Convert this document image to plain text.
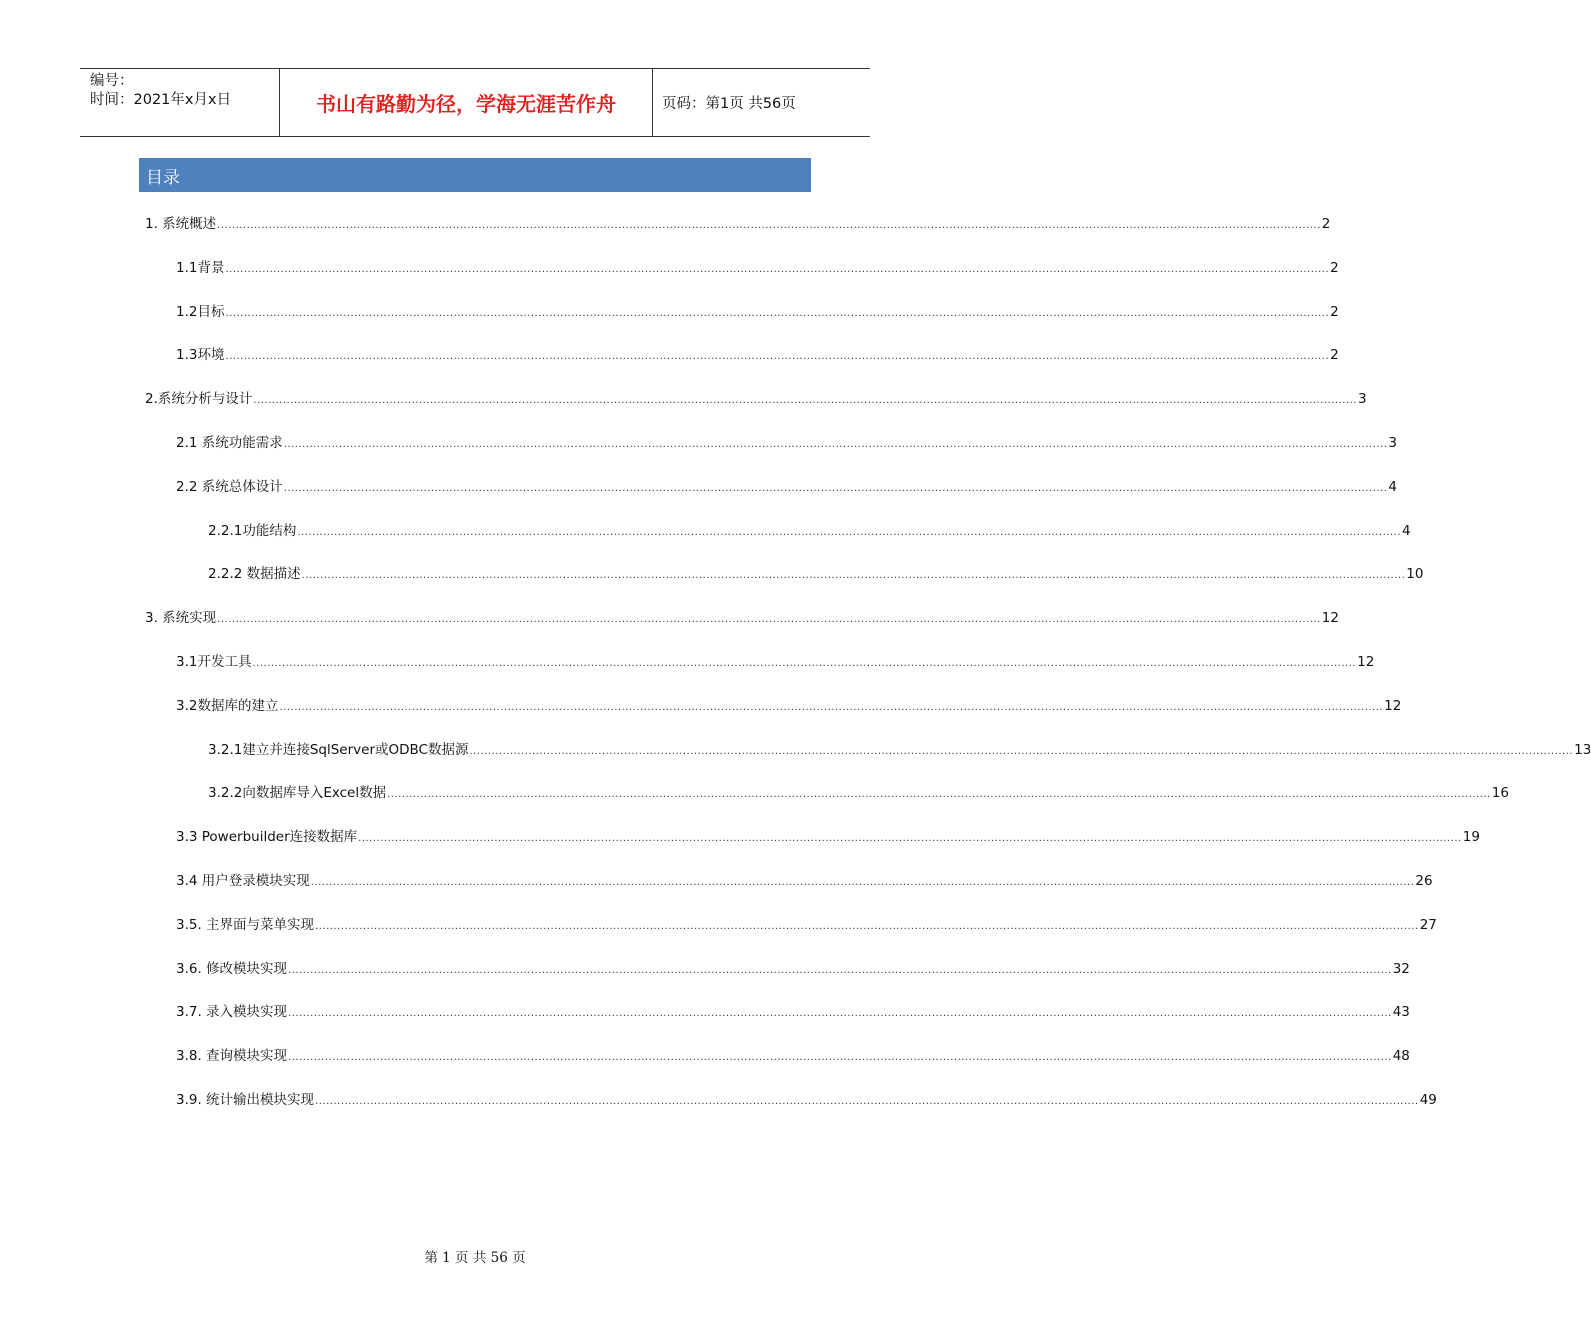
编号：
时间：2021年x月x日	书山有路勤为径，学海无涯苦作舟	页码：第1页 共56页
目录
1. 系统概述 ............................................................................................................................................................................................................................................................................................................ 2
1.1背景 ............................................................................................................................................................................................................................................................................................................ 2
1.2目标 ............................................................................................................................................................................................................................................................................................................ 2
1.3环境 ............................................................................................................................................................................................................................................................................................................ 2
2.系统分析与设计 ............................................................................................................................................................................................................................................................................................................ 3
2.1 系统功能需求 ............................................................................................................................................................................................................................................................................................................ 3
2.2 系统总体设计 ............................................................................................................................................................................................................................................................................................................ 4
2.2.1功能结构 ............................................................................................................................................................................................................................................................................................................ 4
2.2.2 数据描述 ............................................................................................................................................................................................................................................................................................................ 10
3. 系统实现 ............................................................................................................................................................................................................................................................................................................ 12
3.1开发工具 ............................................................................................................................................................................................................................................................................................................ 12
3.2数据库的建立 ............................................................................................................................................................................................................................................................................................................ 12
3.2.1建立并连接SqlServer或ODBC数据源 ............................................................................................................................................................................................................................................................................................................ 13
3.2.2向数据库导入Excel数据 ............................................................................................................................................................................................................................................................................................................ 16
3.3 Powerbuilder连接数据库 ............................................................................................................................................................................................................................................................................................................ 19
3.4 用户登录模块实现 ............................................................................................................................................................................................................................................................................................................ 26
3.5. 主界面与菜单实现 ............................................................................................................................................................................................................................................................................................................ 27
3.6. 修改模块实现 ............................................................................................................................................................................................................................................................................................................ 32
3.7. 录入模块实现 ............................................................................................................................................................................................................................................................................................................ 43
3.8. 查询模块实现 ............................................................................................................................................................................................................................................................................................................ 48
3.9. 统计输出模块实现 ............................................................................................................................................................................................................................................................................................................ 49
第 1 页 共 56 页
